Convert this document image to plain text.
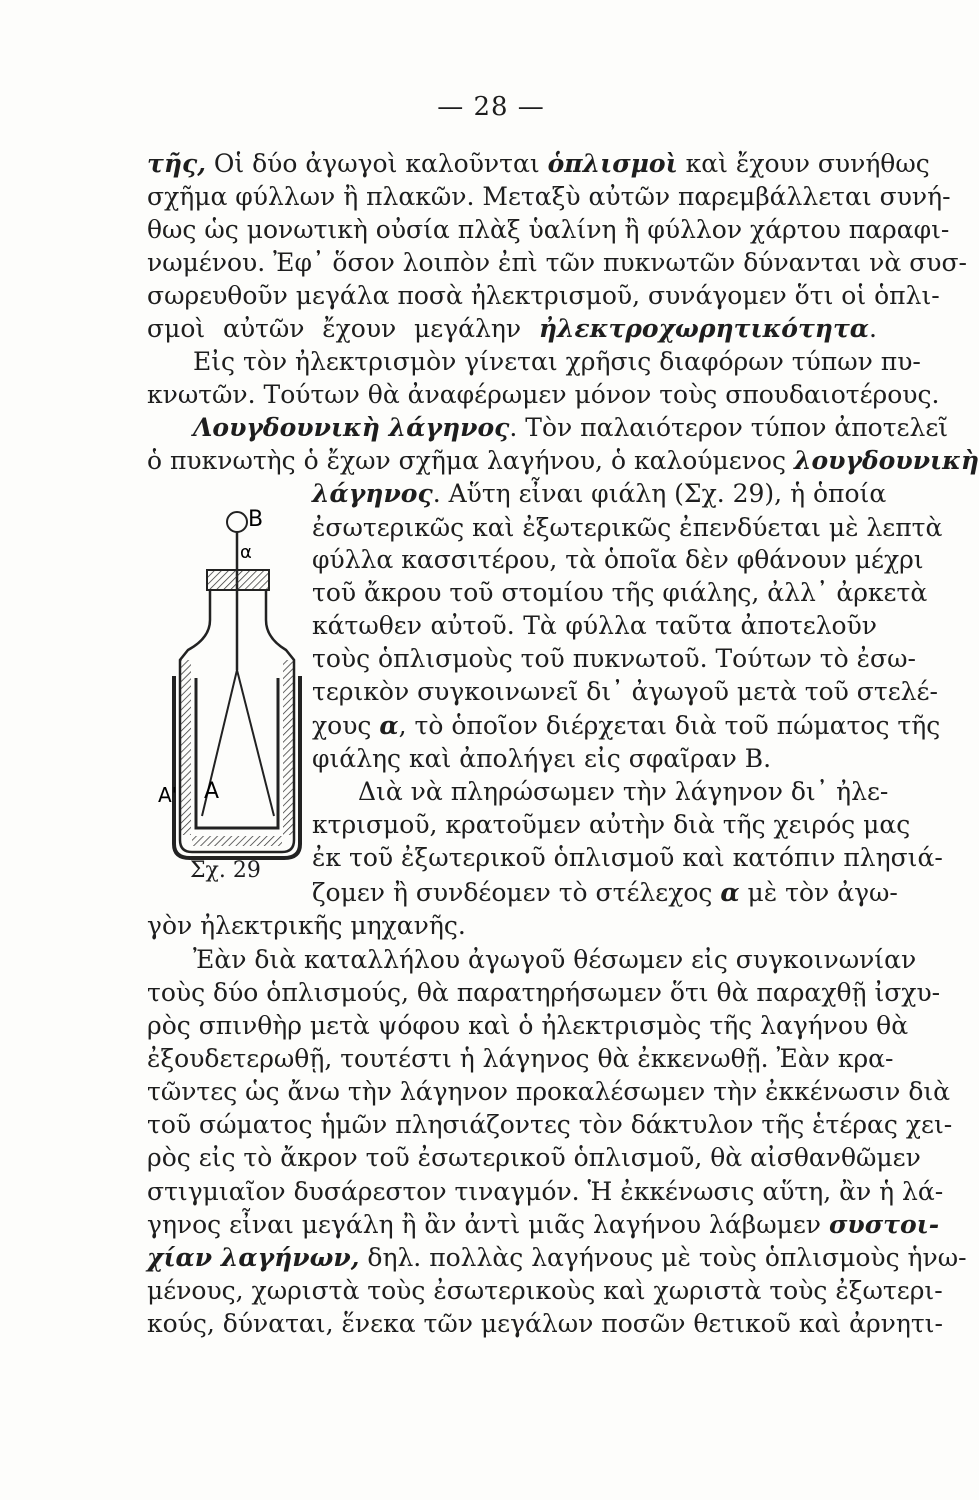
— 28 —
τῆς, Οἱ δύο ἀγωγοὶ καλοῦνται ὁπλισμοὶ καὶ ἔχουν συνήθως
σχῆμα φύλλων ἢ πλακῶν. Μεταξὺ αὐτῶν παρεμβάλλεται συνή-
θως ὡς μονωτικὴ οὐσία πλὰξ ὑαλίνη ἢ φύλλον χάρτου παραφι-
νωμένου. Ἐφ᾽ ὅσον λοιπὸν ἐπὶ τῶν πυκνωτῶν δύνανται νὰ συσ-
σωρευθοῦν μεγάλα ποσὰ ἠλεκτρισμοῦ, συνάγομεν ὅτι οἱ ὁπλι-
σμοὶ αὐτῶν ἔχουν μεγάλην ἠλεκτροχωρητικότητα.
Εἰς τὸν ἠλεκτρισμὸν γίνεται χρῆσις διαφόρων τύπων πυ-
κνωτῶν. Τούτων θὰ ἀναφέρωμεν μόνον τοὺς σπουδαιοτέρους.
Λουγδουνικὴ λάγηνος. Τὸν παλαιότερον τύπον ἀποτελεῖ
ὁ πυκνωτὴς ὁ ἔχων σχῆμα λαγήνου, ὁ καλούμενος λουγδουνικὴ
λάγηνος. Αὕτη εἶναι φιάλη (Σχ. 29), ἡ ὁποία
ἐσωτερικῶς καὶ ἐξωτερικῶς ἐπενδύεται μὲ λεπτὰ
φύλλα κασσιτέρου, τὰ ὁποῖα δὲν φθάνουν μέχρι
τοῦ ἄκρου τοῦ στομίου τῆς φιάλης, ἀλλ᾽ ἀρκετὰ
κάτωθεν αὐτοῦ. Τὰ φύλλα ταῦτα ἀποτελοῦν
τοὺς ὁπλισμοὺς τοῦ πυκνωτοῦ. Τούτων τὸ ἐσω-
τερικὸν συγκοινωνεῖ δι᾽ ἀγωγοῦ μετὰ τοῦ στελέ-
χους α, τὸ ὁποῖον διέρχεται διὰ τοῦ πώματος τῆς
φιάλης καὶ ἀπολήγει εἰς σφαῖραν Β.
Διὰ νὰ πληρώσωμεν τὴν λάγηνον δι᾽ ἠλε-
κτρισμοῦ, κρατοῦμεν αὐτὴν διὰ τῆς χειρός μας
ἐκ τοῦ ἐξωτερικοῦ ὁπλισμοῦ καὶ κατόπιν πλησιά-
ζομεν ἢ συνδέομεν τὸ στέλεχος α μὲ τὸν ἀγω-
γὸν ἠλεκτρικῆς μηχανῆς.
Ἐὰν διὰ καταλλήλου ἀγωγοῦ θέσωμεν εἰς συγκοινωνίαν
τοὺς δύο ὁπλισμούς, θὰ παρατηρήσωμεν ὅτι θὰ παραχθῇ ἰσχυ-
ρὸς σπινθὴρ μετὰ ψόφου καὶ ὁ ἠλεκτρισμὸς τῆς λαγήνου θὰ
ἐξουδετερωθῇ, τουτέστι ἡ λάγηνος θὰ ἐκκενωθῇ. Ἐὰν κρα-
τῶντες ὡς ἄνω τὴν λάγηνον προκαλέσωμεν τὴν ἐκκένωσιν διὰ
τοῦ σώματος ἡμῶν πλησιάζοντες τὸν δάκτυλον τῆς ἑτέρας χει-
ρὸς εἰς τὸ ἄκρον τοῦ ἐσωτερικοῦ ὁπλισμοῦ, θὰ αἰσθανθῶμεν
στιγμιαῖον δυσάρεστον τιναγμόν. Ἡ ἐκκένωσις αὕτη, ἂν ἡ λά-
γηνος εἶναι μεγάλη ἢ ἂν ἀντὶ μιᾶς λαγήνου λάβωμεν συστοι-
χίαν λαγήνων, δηλ. πολλὰς λαγήνους μὲ τοὺς ὁπλισμοὺς ἡνω-
μένους, χωριστὰ τοὺς ἐσωτερικοὺς καὶ χωριστὰ τοὺς ἐξωτερι-
κούς, δύναται, ἕνεκα τῶν μεγάλων ποσῶν θετικοῦ καὶ ἀρνητι-
B
α
A
A'
Σχ. 29
